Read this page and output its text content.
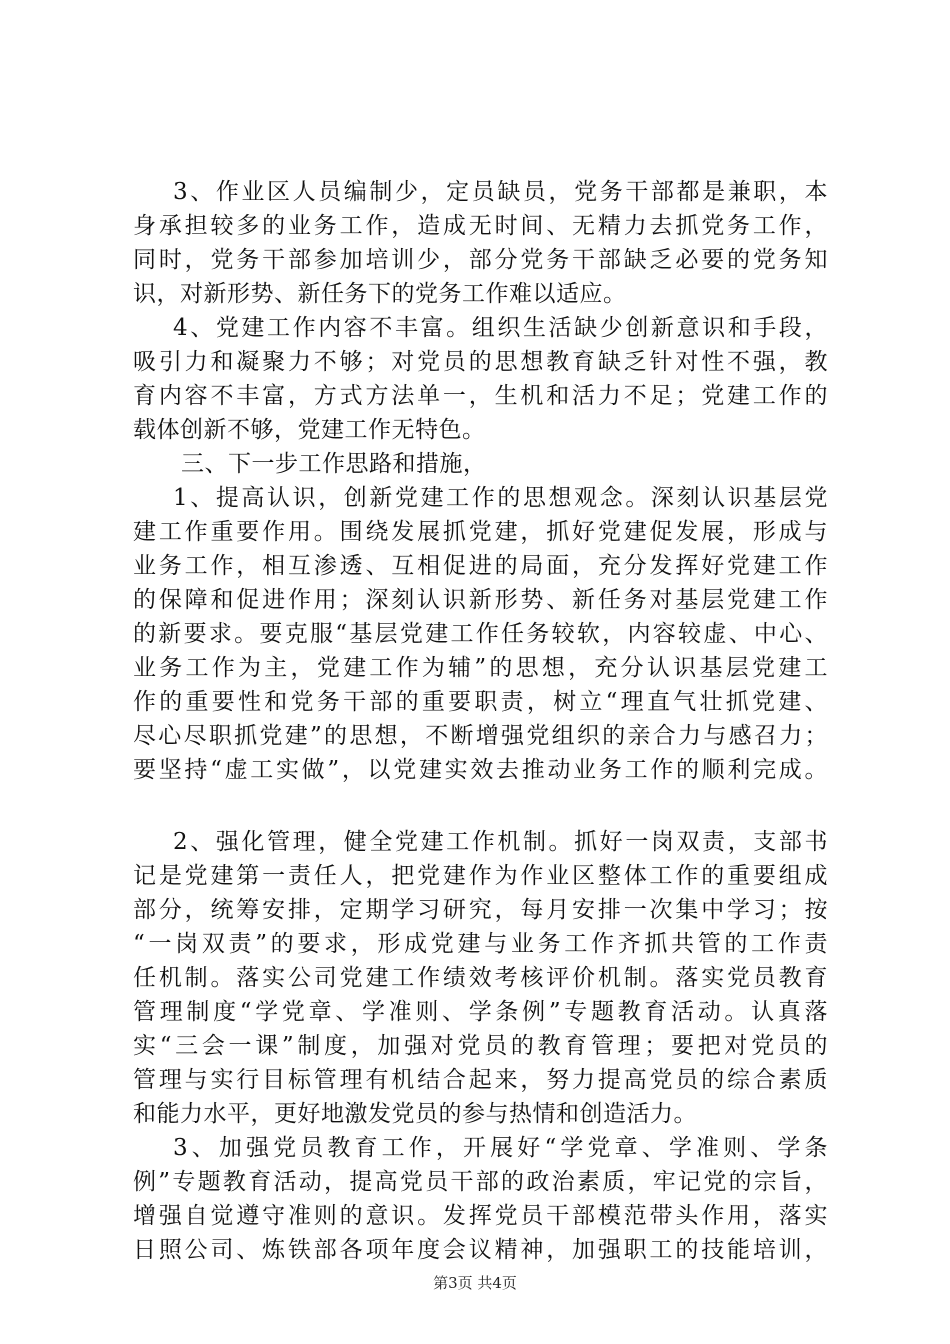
3、作业区人员编制少，定员缺员，党务干部都是兼职，本
身承担较多的业务工作，造成无时间、无精力去抓党务工作，
同时，党务干部参加培训少，部分党务干部缺乏必要的党务知
识，对新形势、新任务下的党务工作难以适应。
4、党建工作内容不丰富。组织生活缺少创新意识和手段，
吸引力和凝聚力不够；对党员的思想教育缺乏针对性不强，教
育内容不丰富，方式方法单一，生机和活力不足；党建工作的
载体创新不够，党建工作无特色。
三、下一步工作思路和措施，
1、提高认识，创新党建工作的思想观念。深刻认识基层党
建工作重要作用。围绕发展抓党建，抓好党建促发展，形成与
业务工作，相互渗透、互相促进的局面，充分发挥好党建工作
的保障和促进作用；深刻认识新形势、新任务对基层党建工作
的新要求。要克服“基层党建工作任务较软，内容较虚、中心、
业务工作为主，党建工作为辅”的思想，充分认识基层党建工
作的重要性和党务干部的重要职责，树立“理直气壮抓党建、
尽心尽职抓党建”的思想，不断增强党组织的亲合力与感召力；
要坚持“虚工实做”，以党建实效去推动业务工作的顺利完成。
2、强化管理，健全党建工作机制。抓好一岗双责，支部书
记是党建第一责任人，把党建作为作业区整体工作的重要组成
部分，统筹安排，定期学习研究，每月安排一次集中学习；按
“一岗双责”的要求，形成党建与业务工作齐抓共管的工作责
任机制。落实公司党建工作绩效考核评价机制。落实党员教育
管理制度“学党章、学准则、学条例”专题教育活动。认真落
实“三会一课”制度，加强对党员的教育管理；要把对党员的
管理与实行目标管理有机结合起来，努力提高党员的综合素质
和能力水平，更好地激发党员的参与热情和创造活力。
3、加强党员教育工作，开展好“学党章、学准则、学条
例”专题教育活动，提高党员干部的政治素质，牢记党的宗旨，
增强自觉遵守准则的意识。发挥党员干部模范带头作用，落实
日照公司、炼铁部各项年度会议精神，加强职工的技能培训，
第3页 共4页
